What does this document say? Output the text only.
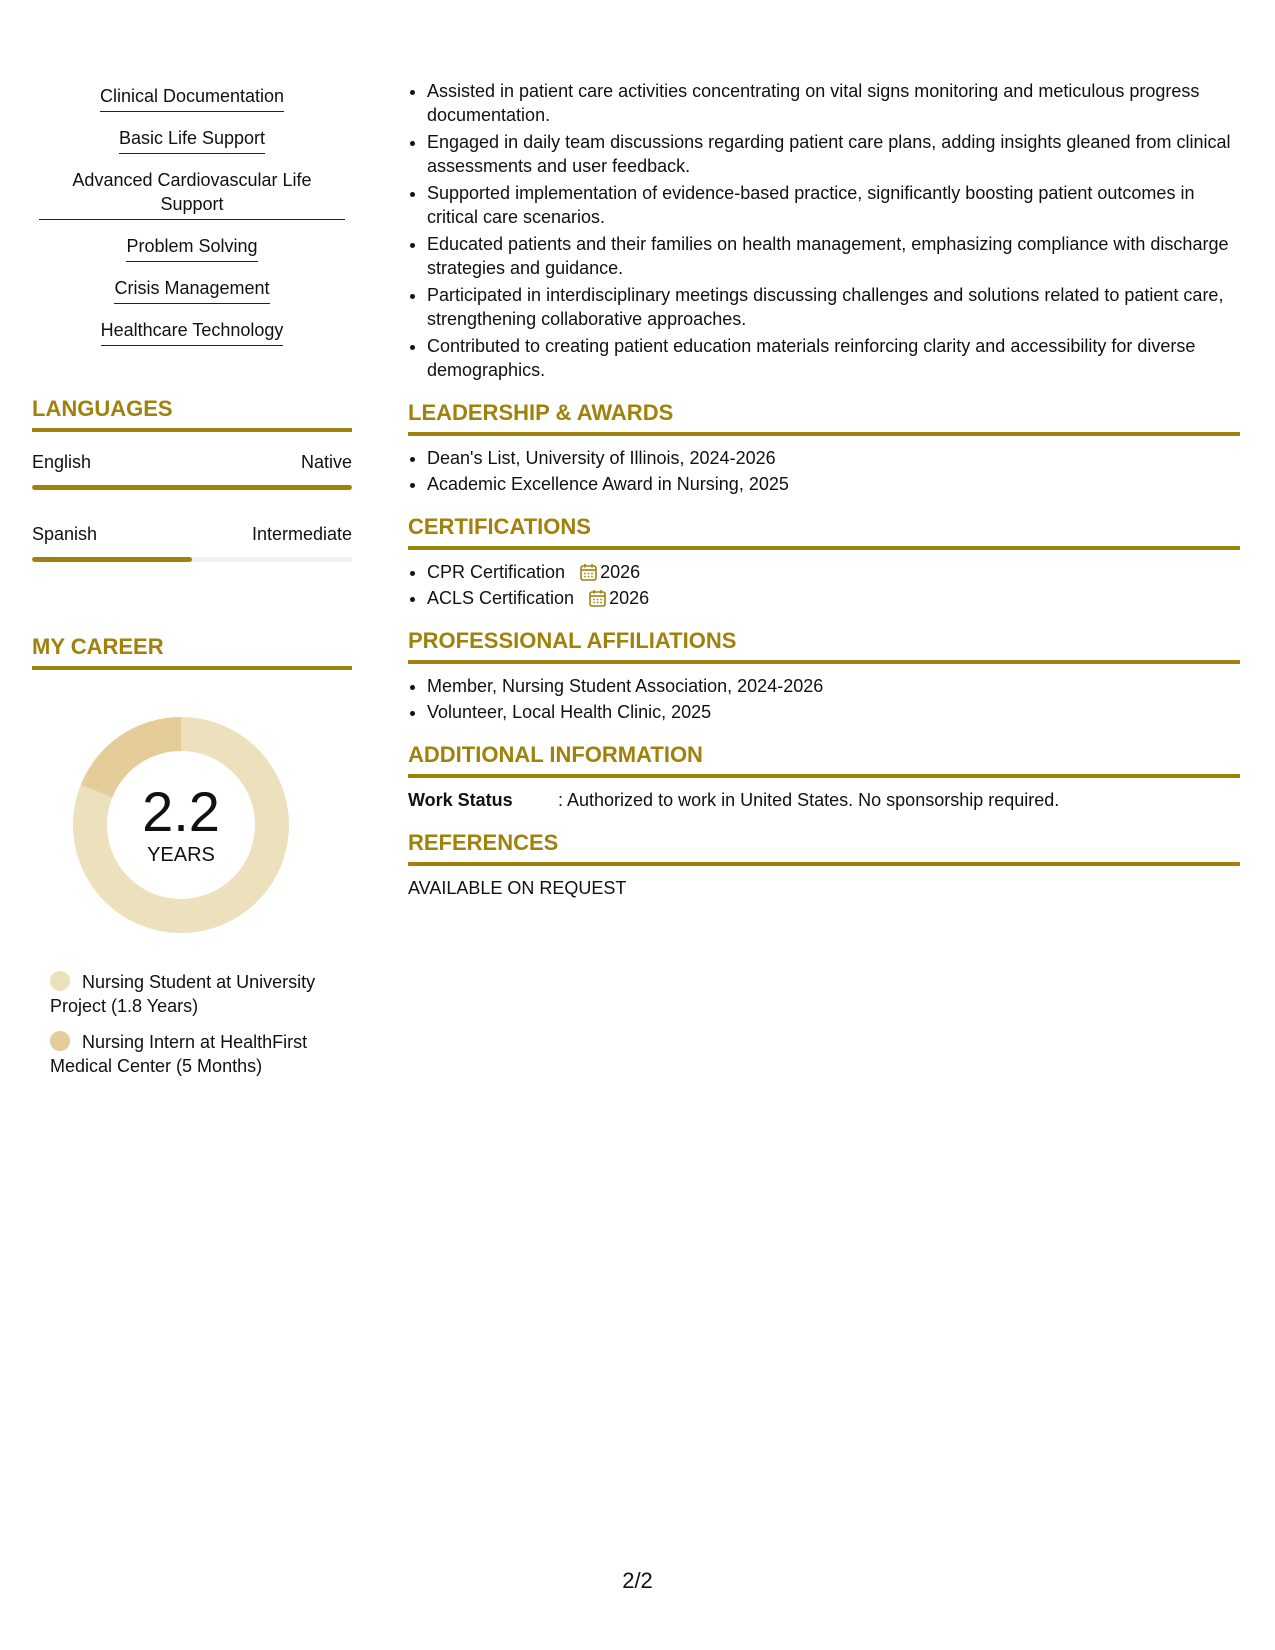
Clinical Documentation
Basic Life Support
Advanced Cardiovascular Life Support
Problem Solving
Crisis Management
Healthcare Technology
LANGUAGES
English	Native
Spanish	Intermediate
MY CAREER
2.2
YEARS
Nursing Student at University Project (1.8 Years)
Nursing Intern at HealthFirst Medical Center (5 Months)
• Assisted in patient care activities concentrating on vital signs monitoring and meticulous progress documentation.
• Engaged in daily team discussions regarding patient care plans, adding insights gleaned from clinical assessments and user feedback.
• Supported implementation of evidence-based practice, significantly boosting patient outcomes in critical care scenarios.
• Educated patients and their families on health management, emphasizing compliance with discharge strategies and guidance.
• Participated in interdisciplinary meetings discussing challenges and solutions related to patient care, strengthening collaborative approaches.
• Contributed to creating patient education materials reinforcing clarity and accessibility for diverse demographics.
LEADERSHIP & AWARDS
• Dean's List, University of Illinois, 2024-2026
• Academic Excellence Award in Nursing, 2025
CERTIFICATIONS
• CPR Certification 2026
• ACLS Certification 2026
PROFESSIONAL AFFILIATIONS
• Member, Nursing Student Association, 2024-2026
• Volunteer, Local Health Clinic, 2025
ADDITIONAL INFORMATION
Work Status	: Authorized to work in United States. No sponsorship required.
REFERENCES

AVAILABLE ON REQUEST

2/2
